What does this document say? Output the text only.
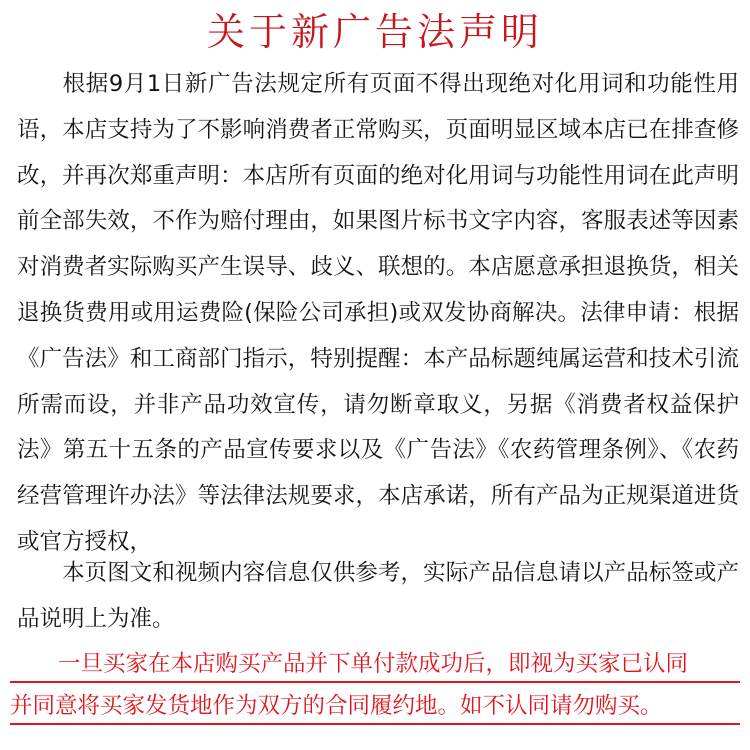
关于新广告法声明

根据9月1日新广告法规定所有页面不得出现绝对化用词和功能性用语，本店支持为了不影响消费者正常购买，页面明显区域本店已在排查修改，并再次郑重声明：本店所有页面的绝对化用词与功能性用词在此声明前全部失效，不作为赔付理由，如果图片标书文字内容，客服表述等因素对消费者实际购买产生误导、歧义、联想的。本店愿意承担退换货，相关退换货费用或用运费险(保险公司承担)或双发协商解决。法律申请：根据《广告法》和工商部门指示，特别提醒：本产品标题纯属运营和技术引流所需而设，并非产品功效宣传，请勿断章取义，另据《消费者权益保护法》第五十五条的产品宣传要求以及《广告法》《农药管理条例》、《农药经营管理许办法》等法律法规要求，本店承诺，所有产品为正规渠道进货或官方授权，

本页图文和视频内容信息仅供参考，实际产品信息请以产品标签或产品说明上为准。

一旦买家在本店购买产品并下单付款成功后，即视为买家已认同
并同意将买家发货地作为双方的合同履约地。如不认同请勿购买。
